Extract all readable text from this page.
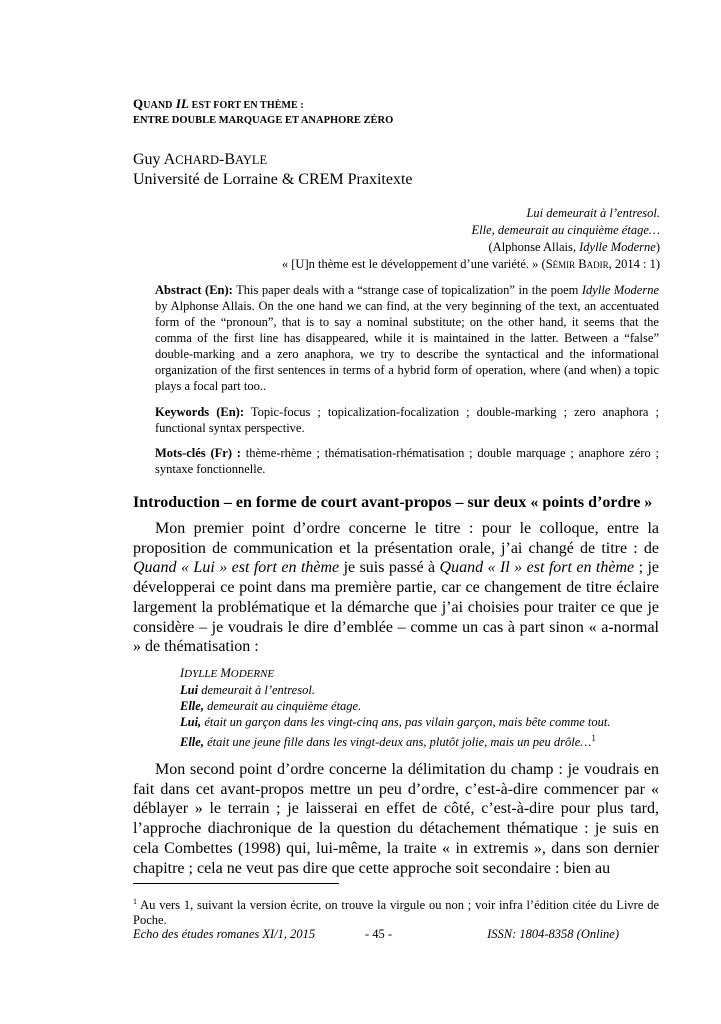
QUAND IL EST FORT EN THÈME :
ENTRE DOUBLE MARQUAGE ET ANAPHORE ZÉRO
Guy ACHARD-BAYLE
Université de Lorraine & CREM Praxitexte
Lui demeurait à l’entresol.
Elle, demeurait au cinquième étage…
(Alphonse Allais, Idylle Moderne)
« [U]n thème est le développement d’une variété. » (Sémir Badir, 2014 : 1)
Abstract (En): This paper deals with a “strange case of topicalization” in the poem Idylle Moderne by Alphonse Allais. On the one hand we can find, at the very beginning of the text, an accentuated form of the “pronoun”, that is to say a nominal substitute; on the other hand, it seems that the comma of the first line has disappeared, while it is maintained in the latter. Between a “false” double-marking and a zero anaphora, we try to describe the syntactical and the informational organization of the first sentences in terms of a hybrid form of operation, where (and when) a topic plays a focal part too..
Keywords (En): Topic-focus ; topicalization-focalization ; double-marking ; zero anaphora ; functional syntax perspective.
Mots-clés (Fr) : thème-rhème ; thématisation-rhématisation ; double marquage ; anaphore zéro ; syntaxe fonctionnelle.
Introduction – en forme de court avant-propos – sur deux « points d’ordre »
Mon premier point d’ordre concerne le titre : pour le colloque, entre la proposition de communication et la présentation orale, j’ai changé de titre : de Quand « Lui » est fort en thème je suis passé à Quand « Il » est fort en thème ; je développerai ce point dans ma première partie, car ce changement de titre éclaire largement la problématique et la démarche que j’ai choisies pour traiter ce que je considère – je voudrais le dire d’emblée – comme un cas à part sinon « a-normal » de thématisation :
IDYLLE MODERNE
Lui demeurait à l’entresol.
Elle, demeurait au cinquième étage.
Lui, était un garçon dans les vingt-cinq ans, pas vilain garçon, mais bête comme tout.
Elle, était une jeune fille dans les vingt-deux ans, plutôt jolie, mais un peu drôle…$^1$
Mon second point d’ordre concerne la délimitation du champ : je voudrais en fait dans cet avant-propos mettre un peu d’ordre, c’est-à-dire commencer par « déblayer » le terrain ; je laisserai en effet de côté, c’est-à-dire pour plus tard, l’approche diachronique de la question du détachement thématique : je suis en cela Combettes (1998) qui, lui-même, la traite « in extremis », dans son dernier chapitre ; cela ne veut pas dire que cette approche soit secondaire : bien au
$^1$ Au vers 1, suivant la version écrite, on trouve la virgule ou non ; voir infra l’édition citée du Livre de Poche.
Echo des études romanes XI/1, 2015	- 45 -	ISSN: 1804-8358 (Online)
